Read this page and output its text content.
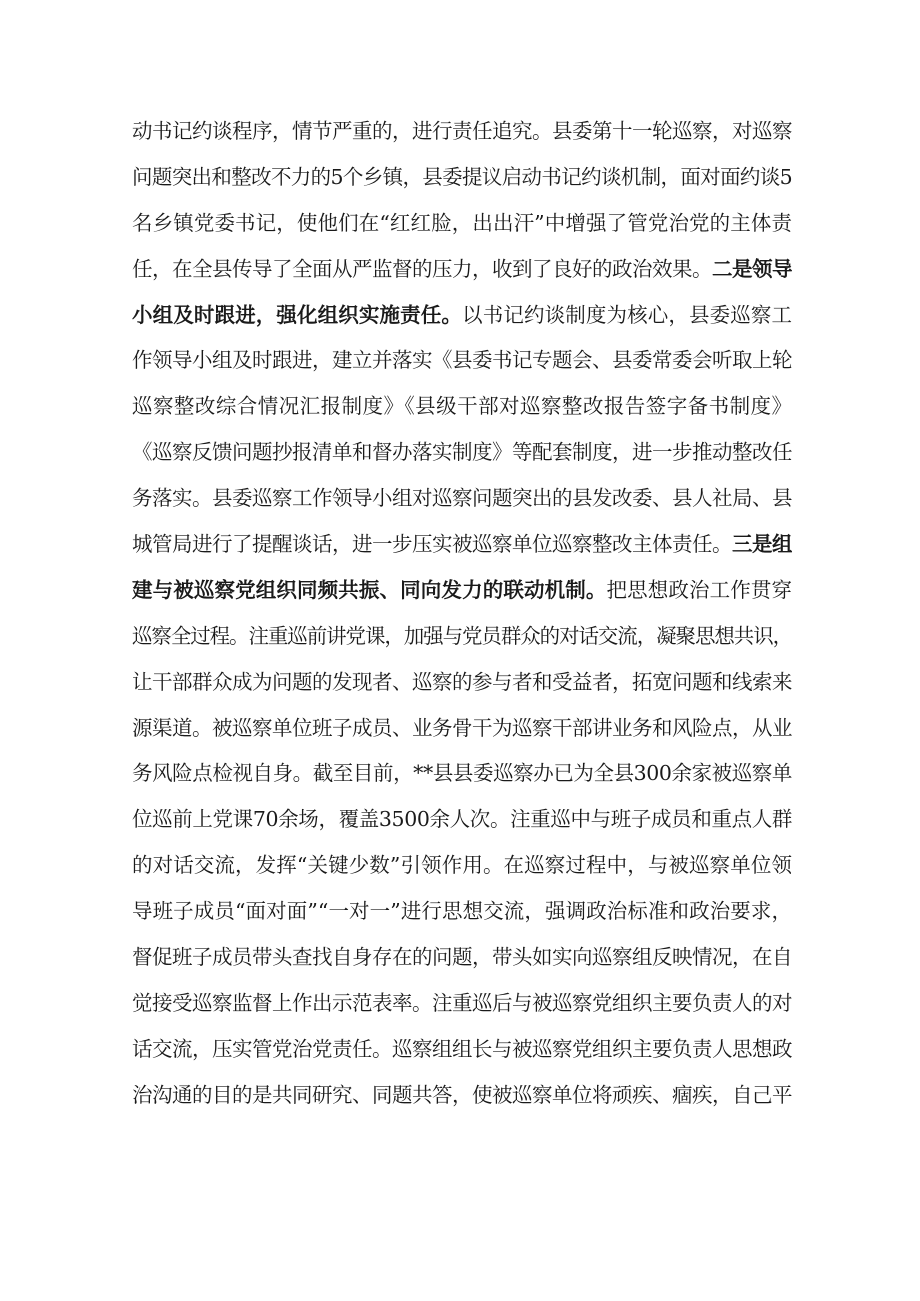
动书记约谈程序，情节严重的，进行责任追究。县委第十一轮巡察，对巡察
问题突出和整改不力的5个乡镇，县委提议启动书记约谈机制，面对面约谈5
名乡镇党委书记，使他们在“红红脸，出出汗”中增强了管党治党的主体责
任，在全县传导了全面从严监督的压力，收到了良好的政治效果。二是领导
小组及时跟进，强化组织实施责任。以书记约谈制度为核心，县委巡察工
作领导小组及时跟进，建立并落实《县委书记专题会、县委常委会听取上轮
巡察整改综合情况汇报制度》《县级干部对巡察整改报告签字备书制度》
《巡察反馈问题抄报清单和督办落实制度》等配套制度，进一步推动整改任
务落实。县委巡察工作领导小组对巡察问题突出的县发改委、县人社局、县
城管局进行了提醒谈话，进一步压实被巡察单位巡察整改主体责任。三是组
建与被巡察党组织同频共振、同向发力的联动机制。把思想政治工作贯穿
巡察全过程。注重巡前讲党课，加强与党员群众的对话交流，凝聚思想共识，
让干部群众成为问题的发现者、巡察的参与者和受益者，拓宽问题和线索来
源渠道。被巡察单位班子成员、业务骨干为巡察干部讲业务和风险点，从业
务风险点检视自身。截至目前，**县县委巡察办已为全县300余家被巡察单
位巡前上党课70余场，覆盖3500余人次。注重巡中与班子成员和重点人群
的对话交流，发挥“关键少数”引领作用。在巡察过程中，与被巡察单位领
导班子成员“面对面”“一对一”进行思想交流，强调政治标准和政治要求，
督促班子成员带头查找自身存在的问题，带头如实向巡察组反映情况，在自
觉接受巡察监督上作出示范表率。注重巡后与被巡察党组织主要负责人的对
话交流，压实管党治党责任。巡察组组长与被巡察党组织主要负责人思想政
治沟通的目的是共同研究、同题共答，使被巡察单位将顽疾、痼疾，自己平
